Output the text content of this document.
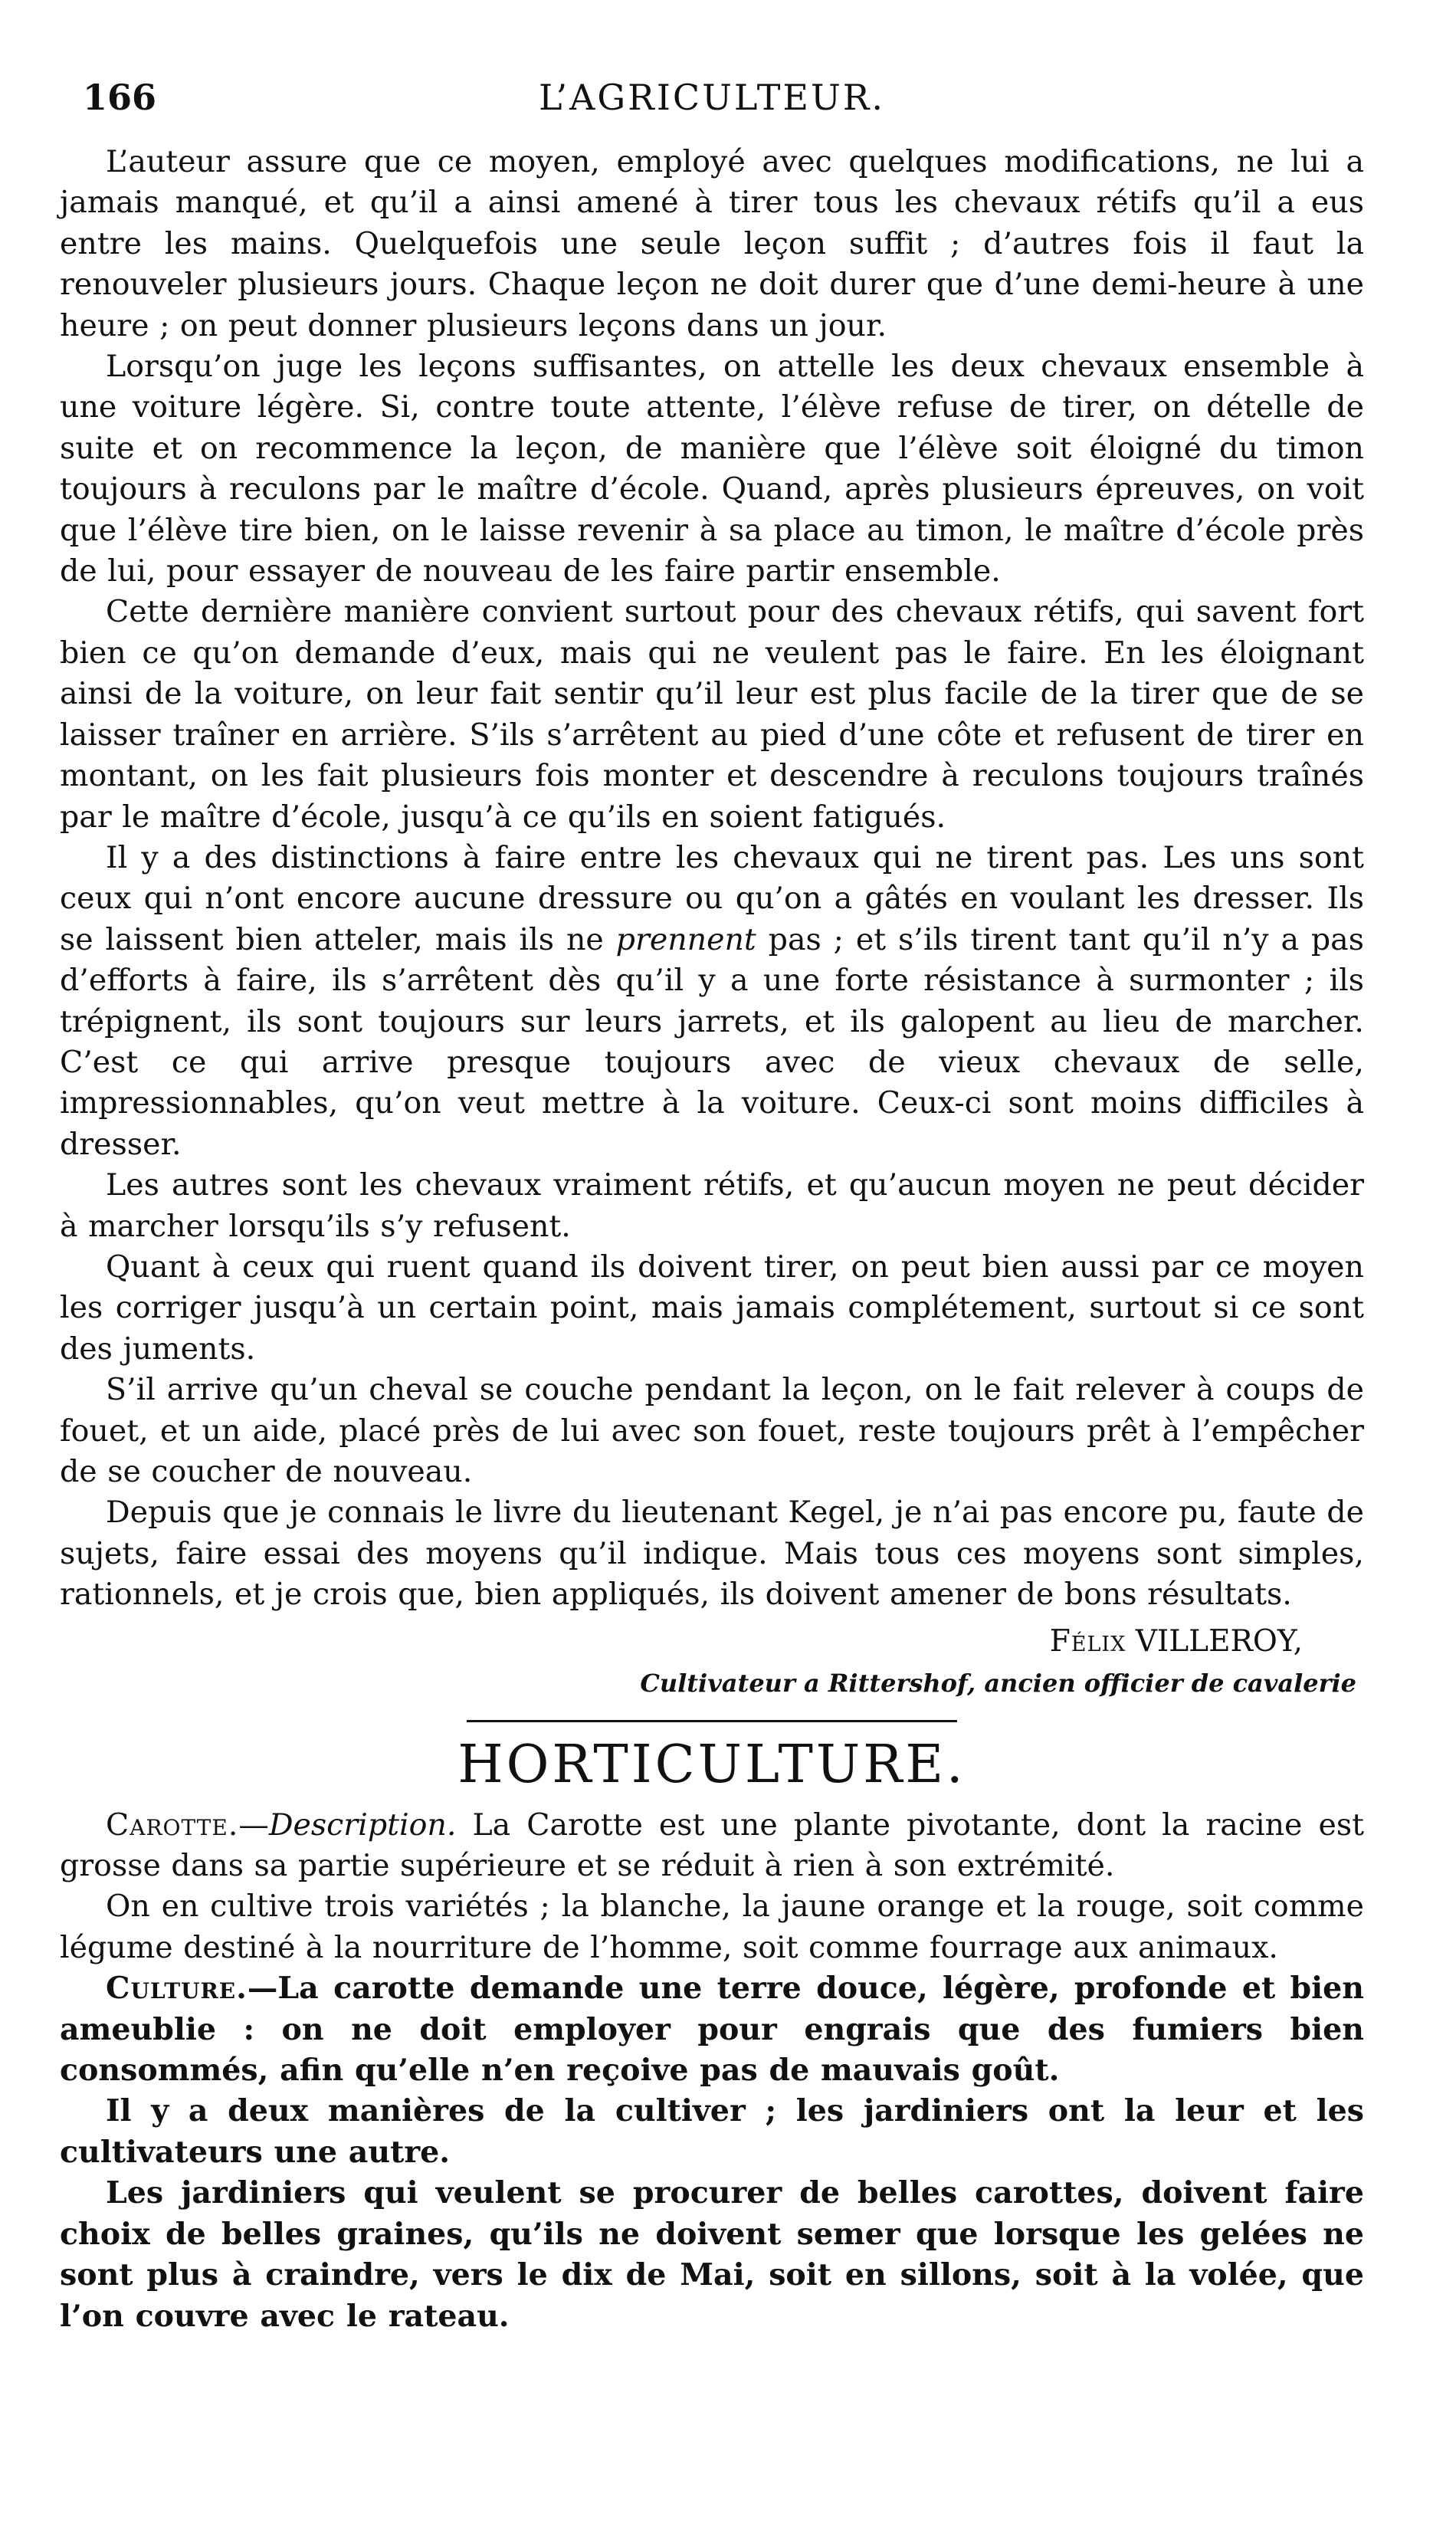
166	L’AGRICULTEUR.

L’auteur assure que ce moyen, employé avec quelques modifications, ne lui a jamais manqué, et qu’il a ainsi amené à tirer tous les chevaux rétifs qu’il a eus entre les mains. Quelquefois une seule leçon suffit ; d’autres fois il faut la renouveler plusieurs jours. Chaque leçon ne doit durer que d’une demi-heure à une heure ; on peut donner plusieurs leçons dans un jour.

Lorsqu’on juge les leçons suffisantes, on attelle les deux chevaux ensemble à une voiture légère. Si, contre toute attente, l’élève refuse de tirer, on dételle de suite et on recommence la leçon, de manière que l’élève soit éloigné du timon toujours à reculons par le maître d’école. Quand, après plusieurs épreuves, on voit que l’élève tire bien, on le laisse revenir à sa place au timon, le maître d’école près de lui, pour essayer de nouveau de les faire partir ensemble.

Cette dernière manière convient surtout pour des chevaux rétifs, qui savent fort bien ce qu’on demande d’eux, mais qui ne veulent pas le faire. En les éloignant ainsi de la voiture, on leur fait sentir qu’il leur est plus facile de la tirer que de se laisser traîner en arrière. S’ils s’arrêtent au pied d’une côte et refusent de tirer en montant, on les fait plusieurs fois monter et descendre à reculons toujours traînés par le maître d’école, jusqu’à ce qu’ils en soient fatigués.

Il y a des distinctions à faire entre les chevaux qui ne tirent pas. Les uns sont ceux qui n’ont encore aucune dressure ou qu’on a gâtés en voulant les dresser. Ils se laissent bien atteler, mais ils ne prennent pas ; et s’ils tirent tant qu’il n’y a pas d’efforts à faire, ils s’arrêtent dès qu’il y a une forte résistance à surmonter ; ils trépignent, ils sont toujours sur leurs jarrets, et ils galopent au lieu de marcher. C’est ce qui arrive presque toujours avec de vieux chevaux de selle, impressionnables, qu’on veut mettre à la voiture. Ceux-ci sont moins difficiles à dresser.

Les autres sont les chevaux vraiment rétifs, et qu’aucun moyen ne peut décider à marcher lorsqu’ils s’y refusent.

Quant à ceux qui ruent quand ils doivent tirer, on peut bien aussi par ce moyen les corriger jusqu’à un certain point, mais jamais complétement, surtout si ce sont des juments.

S’il arrive qu’un cheval se couche pendant la leçon, on le fait relever à coups de fouet, et un aide, placé près de lui avec son fouet, reste toujours prêt à l’empêcher de se coucher de nouveau.

Depuis que je connais le livre du lieutenant Kegel, je n’ai pas encore pu, faute de sujets, faire essai des moyens qu’il indique. Mais tous ces moyens sont simples, rationnels, et je crois que, bien appliqués, ils doivent amener de bons résultats.

Félix VILLEROY,
Cultivateur a Rittershof, ancien officier de cavalerie
HORTICULTURE.

Carotte.—Description. La Carotte est une plante pivotante, dont la racine est grosse dans sa partie supérieure et se réduit à rien à son extrémité.

On en cultive trois variétés ; la blanche, la jaune orange et la rouge, soit comme légume destiné à la nourriture de l’homme, soit comme fourrage aux animaux.

Culture.—La carotte demande une terre douce, légère, profonde et bien ameublie : on ne doit employer pour engrais que des fumiers bien consommés, afin qu’elle n’en reçoive pas de mauvais goût.

Il y a deux manières de la cultiver ; les jardiniers ont la leur et les cultivateurs une autre.

Les jardiniers qui veulent se procurer de belles carottes, doivent faire choix de belles graines, qu’ils ne doivent semer que lorsque les gelées ne sont plus à craindre, vers le dix de Mai, soit en sillons, soit à la volée, que l’on couvre avec le rateau.
